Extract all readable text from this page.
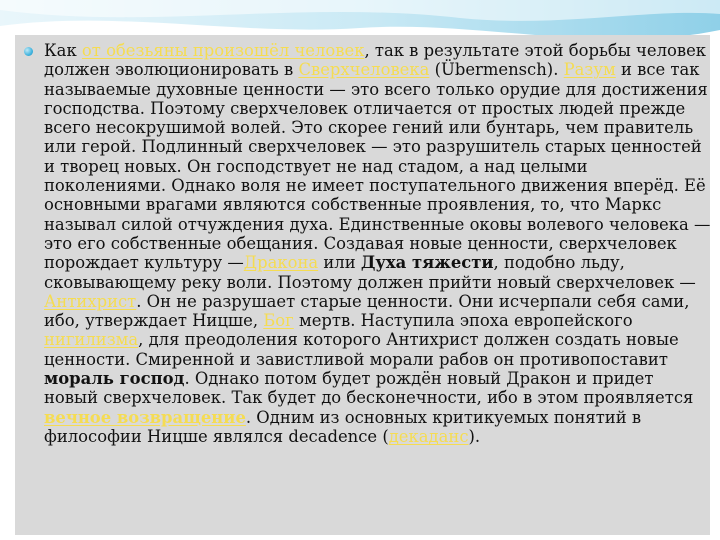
Как от обезьяны произошёл человек, так в результате этой борьбы человек должен эволюционировать в Сверхчеловека (Übermensch). Разум и все так называемые духовные ценности — это всего только орудие для достижения господства. Поэтому сверхчеловек отличается от простых людей прежде всего несокрушимой волей. Это скорее гений или бунтарь, чем правитель или герой. Подлинный сверхчеловек — это разрушитель старых ценностей и творец новых. Он господствует не над стадом, а над целыми поколениями. Однако воля не имеет поступательного движения вперёд. Её основными врагами являются собственные проявления, то, что Маркс называл силой отчуждения духа. Единственные оковы волевого человека — это его собственные обещания. Создавая новые ценности, сверхчеловек порождает культуру —Дракона или Духа тяжести, подобно льду, сковывающему реку воли. Поэтому должен прийти новый сверхчеловек — Антихрист. Он не разрушает старые ценности. Они исчерпали себя сами, ибо, утверждает Ницше, Бог мертв. Наступила эпоха европейского нигилизма, для преодоления которого Антихрист должен создать новые ценности. Смиренной и завистливой морали рабов он противопоставит мораль господ. Однако потом будет рождён новый Дракон и придет новый сверхчеловек. Так будет до бесконечности, ибо в этом проявляется вечное возвращение. Одним из основных критикуемых понятий в философии Ницше являлся decadence (декаданс).
